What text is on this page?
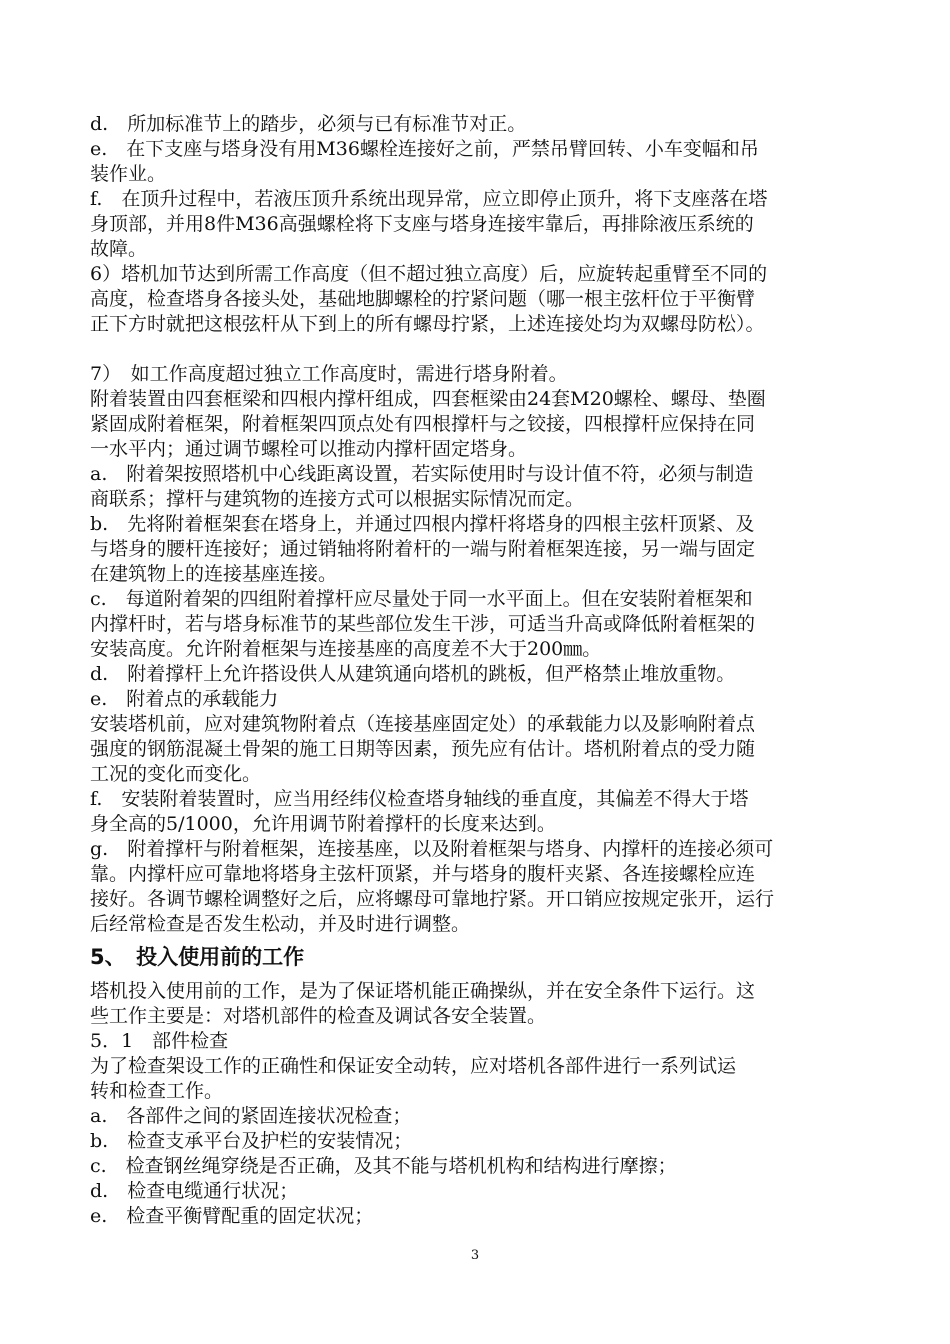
d.　所加标准节上的踏步，必须与已有标准节对正。

e.　在下支座与塔身没有用M36螺栓连接好之前，严禁吊臂回转、小车变幅和吊

装作业。

f.　在顶升过程中，若液压顶升系统出现异常，应立即停止顶升，将下支座落在塔

身顶部，并用8件M36高强螺栓将下支座与塔身连接牢靠后，再排除液压系统的

故障。

6）塔机加节达到所需工作高度（但不超过独立高度）后，应旋转起重臂至不同的

高度，检查塔身各接头处，基础地脚螺栓的拧紧问题（哪一根主弦杆位于平衡臂

正下方时就把这根弦杆从下到上的所有螺母拧紧，上述连接处均为双螺母防松）。

7）　如工作高度超过独立工作高度时，需进行塔身附着。

附着装置由四套框梁和四根内撑杆组成，四套框梁由24套M20螺栓、螺母、垫圈

紧固成附着框架，附着框架四顶点处有四根撑杆与之铰接，四根撑杆应保持在同

一水平内；通过调节螺栓可以推动内撑杆固定塔身。

a.　附着架按照塔机中心线距离设置，若实际使用时与设计值不符，必须与制造

商联系；撑杆与建筑物的连接方式可以根据实际情况而定。

b.　先将附着框架套在塔身上，并通过四根内撑杆将塔身的四根主弦杆顶紧、及

与塔身的腰杆连接好；通过销轴将附着杆的一端与附着框架连接，另一端与固定

在建筑物上的连接基座连接。

c.　每道附着架的四组附着撑杆应尽量处于同一水平面上。但在安装附着框架和

内撑杆时，若与塔身标准节的某些部位发生干涉，可适当升高或降低附着框架的

安装高度。允许附着框架与连接基座的高度差不大于200㎜。

d.　附着撑杆上允许搭设供人从建筑通向塔机的跳板，但严格禁止堆放重物。

e.　附着点的承载能力

安装塔机前，应对建筑物附着点（连接基座固定处）的承载能力以及影响附着点

强度的钢筋混凝土骨架的施工日期等因素，预先应有估计。塔机附着点的受力随

工况的变化而变化。

f.　安装附着装置时，应当用经纬仪检查塔身轴线的垂直度，其偏差不得大于塔

身全高的5/1000，允许用调节附着撑杆的长度来达到。

g.　附着撑杆与附着框架，连接基座，以及附着框架与塔身、内撑杆的连接必须可

靠。内撑杆应可靠地将塔身主弦杆顶紧，并与塔身的腹杆夹紧、各连接螺栓应连

接好。各调节螺栓调整好之后，应将螺母可靠地拧紧。开口销应按规定张开，运行

后经常检查是否发生松动，并及时进行调整。

5、　投入使用前的工作

塔机投入使用前的工作，是为了保证塔机能正确操纵，并在安全条件下运行。这

些工作主要是：对塔机部件的检查及调试各安全装置。

5．1　部件检查

为了检查架设工作的正确性和保证安全动转，应对塔机各部件进行一系列试运

转和检查工作。

a.　各部件之间的紧固连接状况检查；

b.　检查支承平台及护栏的安装情况；

c.　检查钢丝绳穿绕是否正确，及其不能与塔机机构和结构进行摩擦；

d.　检查电缆通行状况；

e.　检查平衡臂配重的固定状况；

3
